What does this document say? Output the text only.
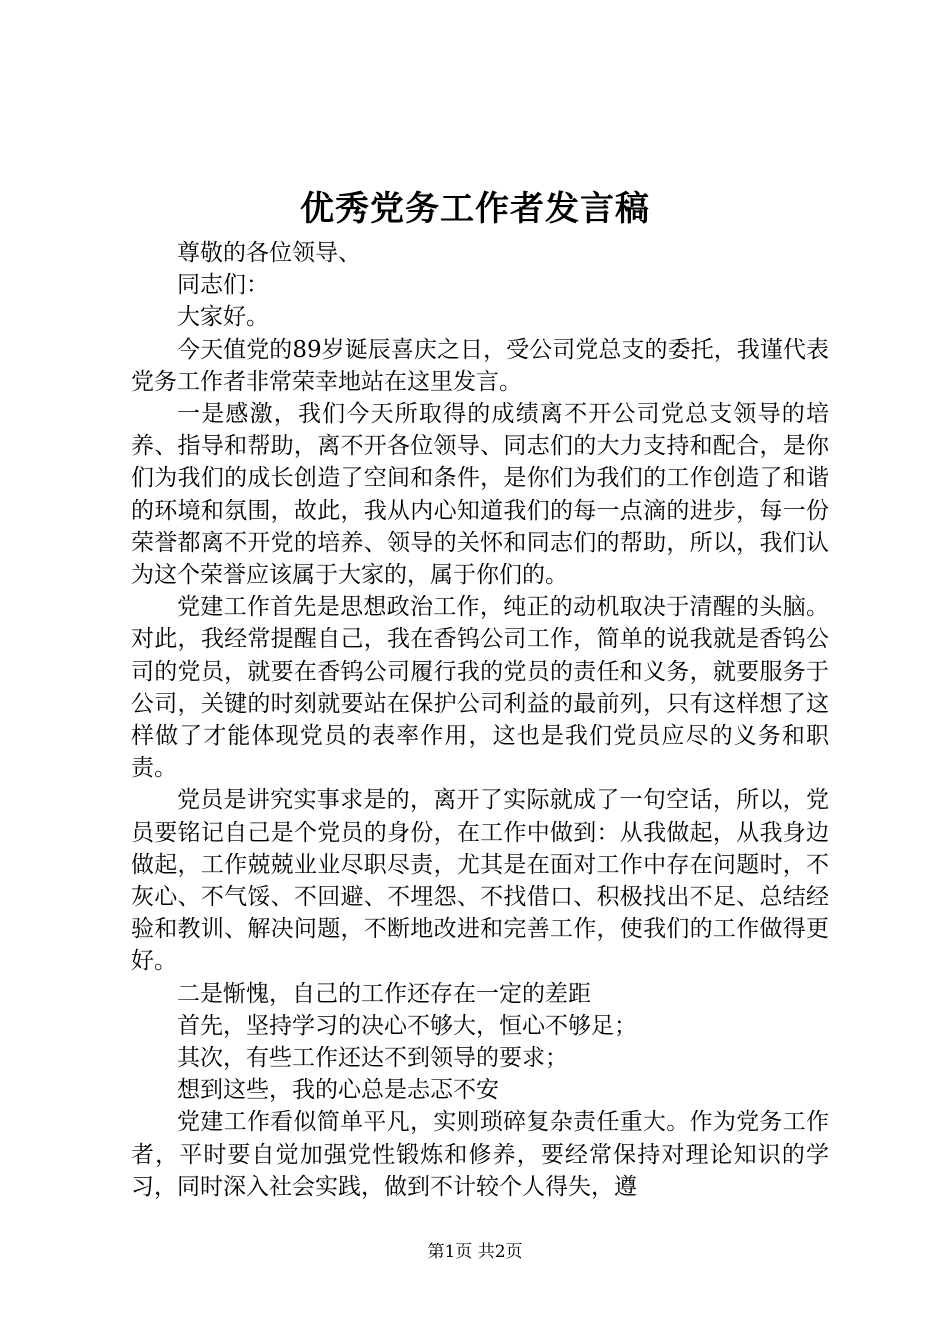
优秀党务工作者发言稿

尊敬的各位领导、

同志们：

大家好。

今天值党的89岁诞辰喜庆之日，受公司党总支的委托，我谨代表党务工作者非常荣幸地站在这里发言。

一是感激，我们今天所取得的成绩离不开公司党总支领导的培养、指导和帮助，离不开各位领导、同志们的大力支持和配合，是你们为我们的成长创造了空间和条件，是你们为我们的工作创造了和谐的环境和氛围，故此，我从内心知道我们的每一点滴的进步，每一份荣誉都离不开党的培养、领导的关怀和同志们的帮助，所以，我们认为这个荣誉应该属于大家的，属于你们的。

党建工作首先是思想政治工作，纯正的动机取决于清醒的头脑。对此，我经常提醒自己，我在香钨公司工作，简单的说我就是香钨公司的党员，就要在香钨公司履行我的党员的责任和义务，就要服务于公司，关键的时刻就要站在保护公司利益的最前列，只有这样想了这样做了才能体现党员的表率作用，这也是我们党员应尽的义务和职责。

党员是讲究实事求是的，离开了实际就成了一句空话，所以，党员要铭记自己是个党员的身份，在工作中做到：从我做起，从我身边做起，工作兢兢业业尽职尽责，尤其是在面对工作中存在问题时，不灰心、不气馁、不回避、不埋怨、不找借口、积极找出不足、总结经验和教训、解决问题，不断地改进和完善工作，使我们的工作做得更好。

二是惭愧，自己的工作还存在一定的差距

首先，坚持学习的决心不够大，恒心不够足；

其次，有些工作还达不到领导的要求；

想到这些，我的心总是忐忑不安

党建工作看似简单平凡，实则琐碎复杂责任重大。作为党务工作者，平时要自觉加强党性锻炼和修养，要经常保持对理论知识的学习，同时深入社会实践，做到不计较个人得失，遵

第1页 共2页
